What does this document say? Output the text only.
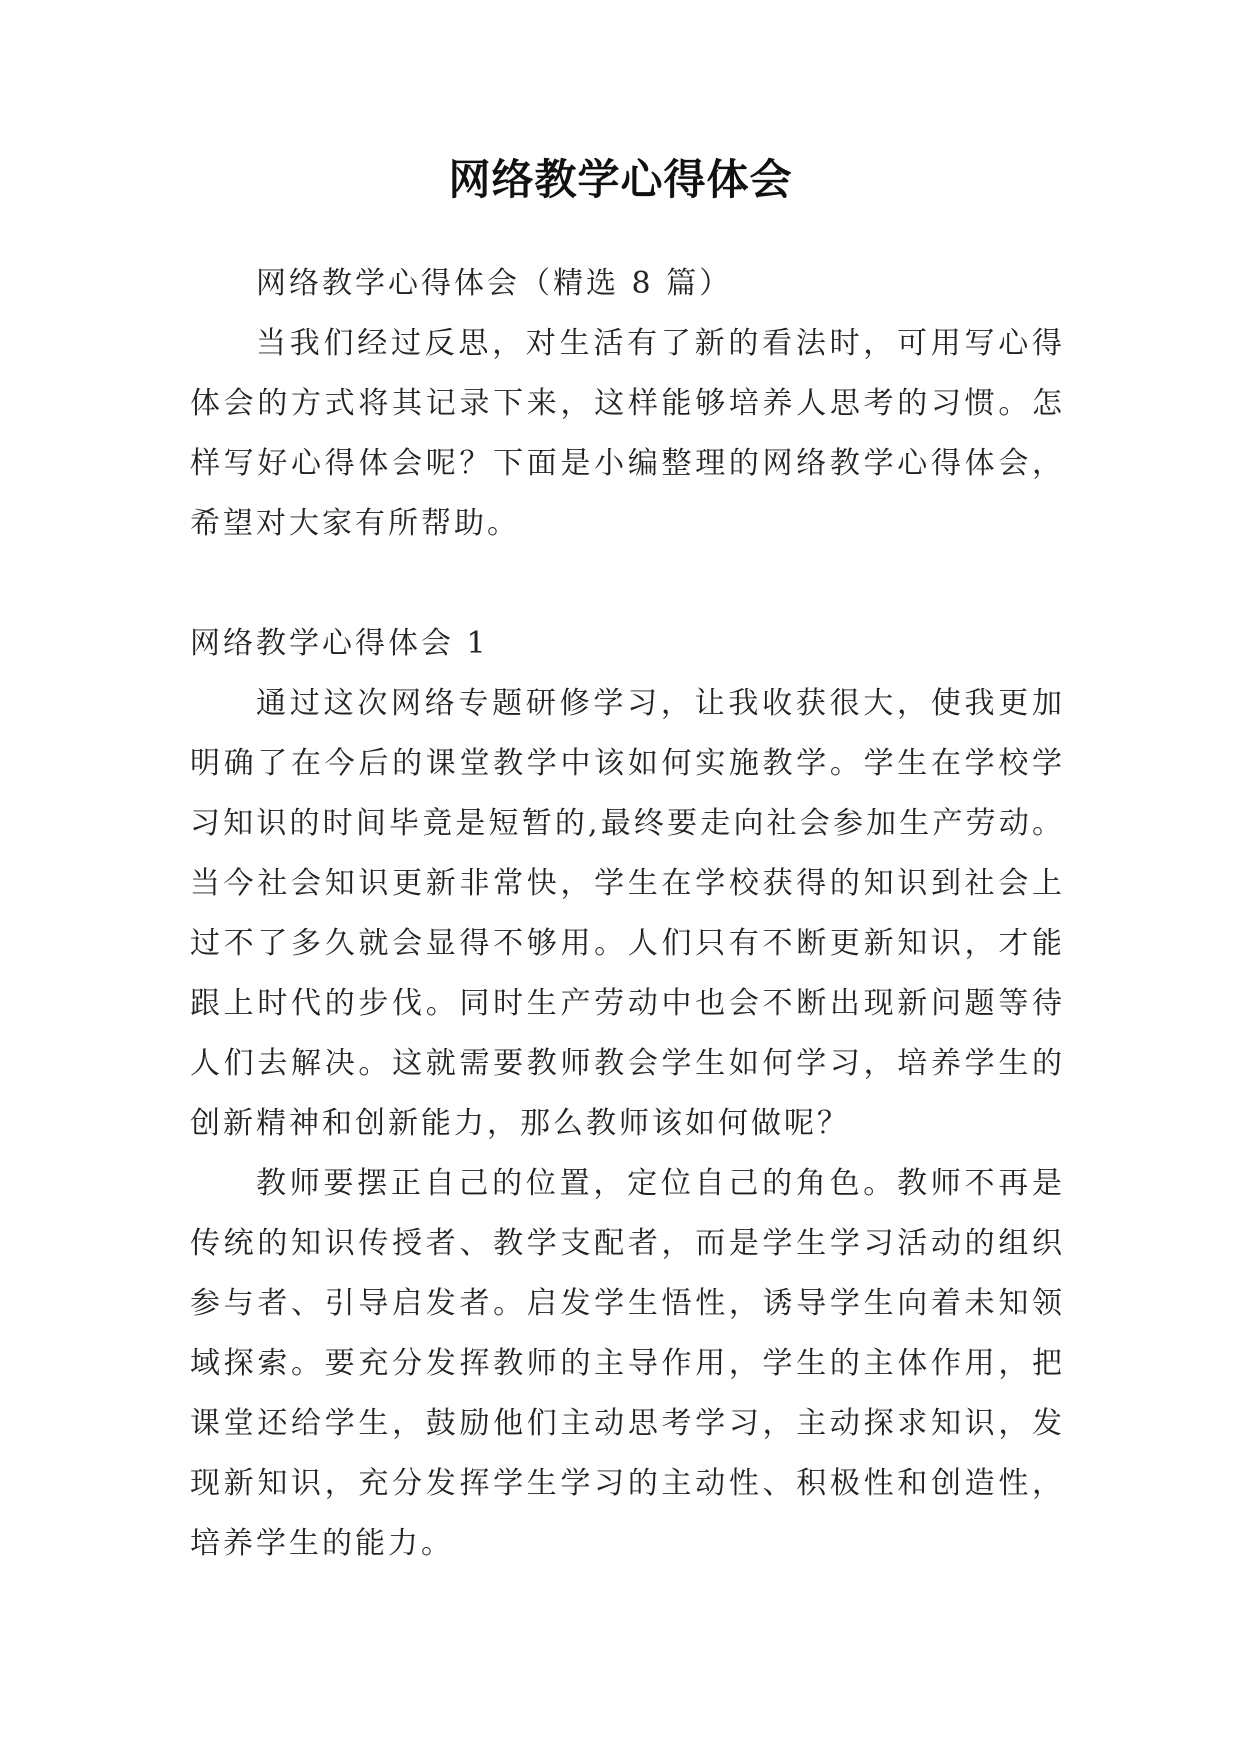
网络教学心得体会

网络教学心得体会（精选 8 篇）

当我们经过反思，对生活有了新的看法时，可用写心得体会的方式将其记录下来，这样能够培养人思考的习惯。怎样写好心得体会呢？下面是小编整理的网络教学心得体会，希望对大家有所帮助。

网络教学心得体会 1

通过这次网络专题研修学习，让我收获很大，使我更加明确了在今后的课堂教学中该如何实施教学。学生在学校学习知识的时间毕竟是短暂的,最终要走向社会参加生产劳动。当今社会知识更新非常快，学生在学校获得的知识到社会上过不了多久就会显得不够用。人们只有不断更新知识，才能跟上时代的步伐。同时生产劳动中也会不断出现新问题等待人们去解决。这就需要教师教会学生如何学习，培养学生的创新精神和创新能力，那么教师该如何做呢？

教师要摆正自己的位置，定位自己的角色。教师不再是传统的知识传授者、教学支配者，而是学生学习活动的组织参与者、引导启发者。启发学生悟性，诱导学生向着未知领域探索。要充分发挥教师的主导作用，学生的主体作用，把课堂还给学生，鼓励他们主动思考学习，主动探求知识，发现新知识，充分发挥学生学习的主动性、积极性和创造性，培养学生的能力。
